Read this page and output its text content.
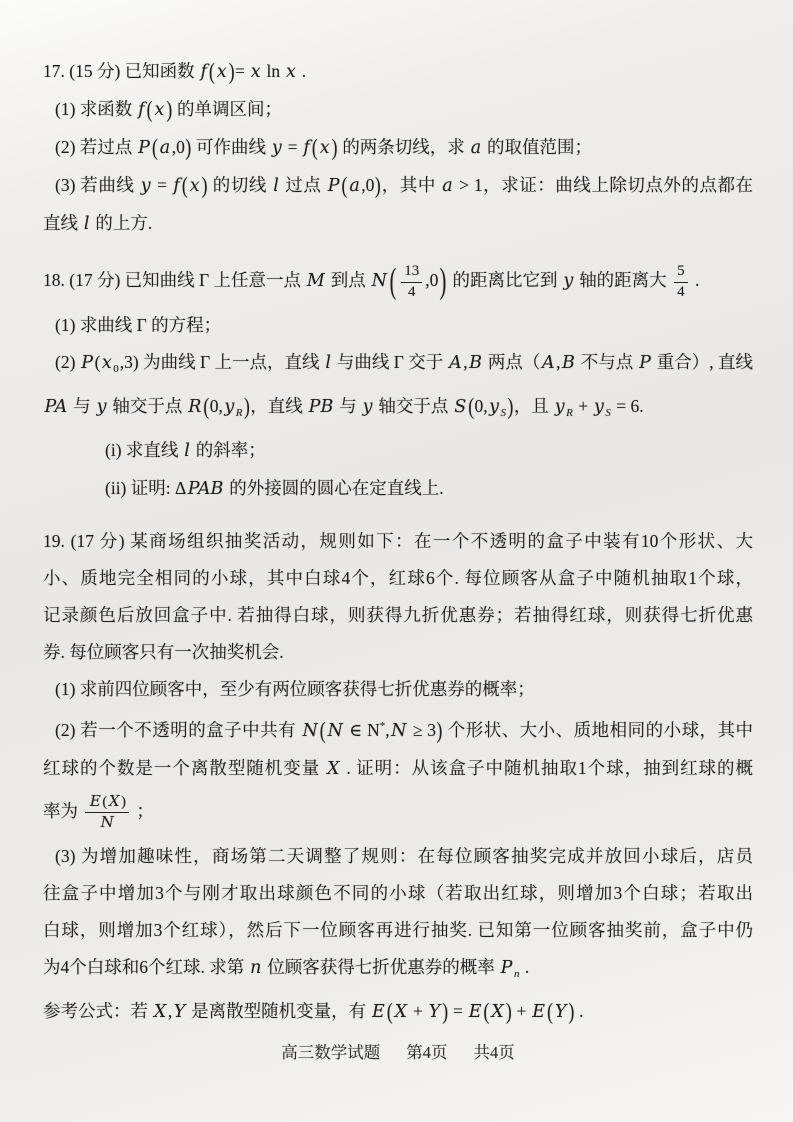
17. (15 分) 已知函数 f ( x )= x ln x .
(1) 求函数 f ( x ) 的单调区间；
(2) 若过点 P ( a,0) 可作曲线 y = f ( x ) 的两条切线，求 a 的取值范围；
(3) 若曲线 y = f ( x ) 的切线 l 过点 P ( a,0)，其中 a > 1，求证：曲线上除切点外的点都在
直线 l 的上方.
18. (17 分) 已知曲线 Γ 上任意一点 M 到点 N ( $\frac{13}{4} ,0$) 的距离比它到 y 轴的距离大 $\frac{5}{4}$ .
(1) 求曲线 Γ 的方程；
(2) P(x $_0$,3) 为曲线 Γ 上一点，直线 l 与曲线 Γ 交于 A,B 两点（A,B 不与点 P 重合）, 直线
PA 与 y 轴交于点 R (0,y $_R$)，直线 PB 与 y 轴交于点 S (0,y $_S$)，且 y $_R$ + y $_S$ = 6.
(i) 求直线 l 的斜率；
(ii) 证明: ΔPAB 的外接圆的圆心在定直线上.
19. (17 分) 某商场组织抽奖活动，规则如下：在一个不透明的盒子中装有10个形状、大
小、质地完全相同的小球，其中白球4个，红球6个. 每位顾客从盒子中随机抽取1个球，
记录颜色后放回盒子中. 若抽得白球，则获得九折优惠券；若抽得红球，则获得七折优惠
券. 每位顾客只有一次抽奖机会.
(1) 求前四位顾客中，至少有两位顾客获得七折优惠券的概率；
(2) 若一个不透明的盒子中共有 N ( N ∈ N*,N ≥ 3) 个形状、大小、质地相同的小球，其中
红球的个数是一个离散型随机变量 X . 证明：从该盒子中随机抽取1个球，抽到红球的概
率为 $\frac{E ( X )}{N}$ ；
(3) 为增加趣味性，商场第二天调整了规则：在每位顾客抽奖完成并放回小球后，店员
往盒子中增加3个与刚才取出球颜色不同的小球（若取出红球，则增加3个白球；若取出
白球，则增加3个红球），然后下一位顾客再进行抽奖. 已知第一位顾客抽奖前，盒子中仍
为4个白球和6个红球. 求第 n 位顾客获得七折优惠券的概率 P $_n$ .
参考公式：若 X,Y 是离散型随机变量，有 E ( X + Y ) = E ( X ) + E ( Y ) .
高三数学试题 第4页 共4页
